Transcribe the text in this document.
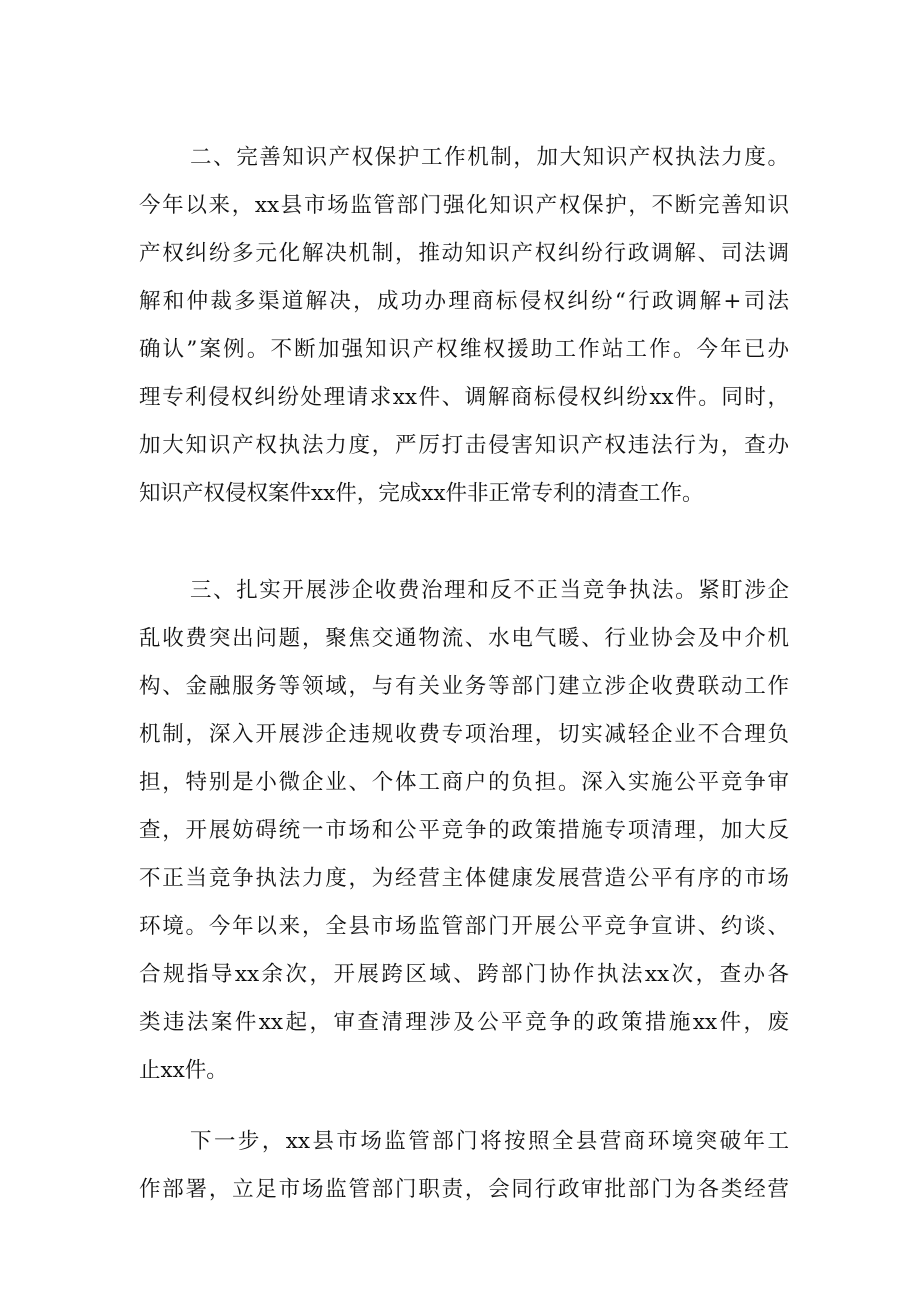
二、完善知识产权保护工作机制，加大知识产权执法力度。
今年以来，xx县市场监管部门强化知识产权保护，不断完善知识
产权纠纷多元化解决机制，推动知识产权纠纷行政调解、司法调
解和仲裁多渠道解决，成功办理商标侵权纠纷“行政调解+司法
确认”案例。不断加强知识产权维权援助工作站工作。今年已办
理专利侵权纠纷处理请求xx件、调解商标侵权纠纷xx件。同时，
加大知识产权执法力度，严厉打击侵害知识产权违法行为，查办
知识产权侵权案件xx件，完成xx件非正常专利的清查工作。
三、扎实开展涉企收费治理和反不正当竞争执法。紧盯涉企
乱收费突出问题，聚焦交通物流、水电气暖、行业协会及中介机
构、金融服务等领域，与有关业务等部门建立涉企收费联动工作
机制，深入开展涉企违规收费专项治理，切实减轻企业不合理负
担，特别是小微企业、个体工商户的负担。深入实施公平竞争审
查，开展妨碍统一市场和公平竞争的政策措施专项清理，加大反
不正当竞争执法力度，为经营主体健康发展营造公平有序的市场
环境。今年以来，全县市场监管部门开展公平竞争宣讲、约谈、
合规指导xx余次，开展跨区域、跨部门协作执法xx次，查办各
类违法案件xx起，审查清理涉及公平竞争的政策措施xx件，废
止xx件。
下一步，xx县市场监管部门将按照全县营商环境突破年工
作部署，立足市场监管部门职责，会同行政审批部门为各类经营
